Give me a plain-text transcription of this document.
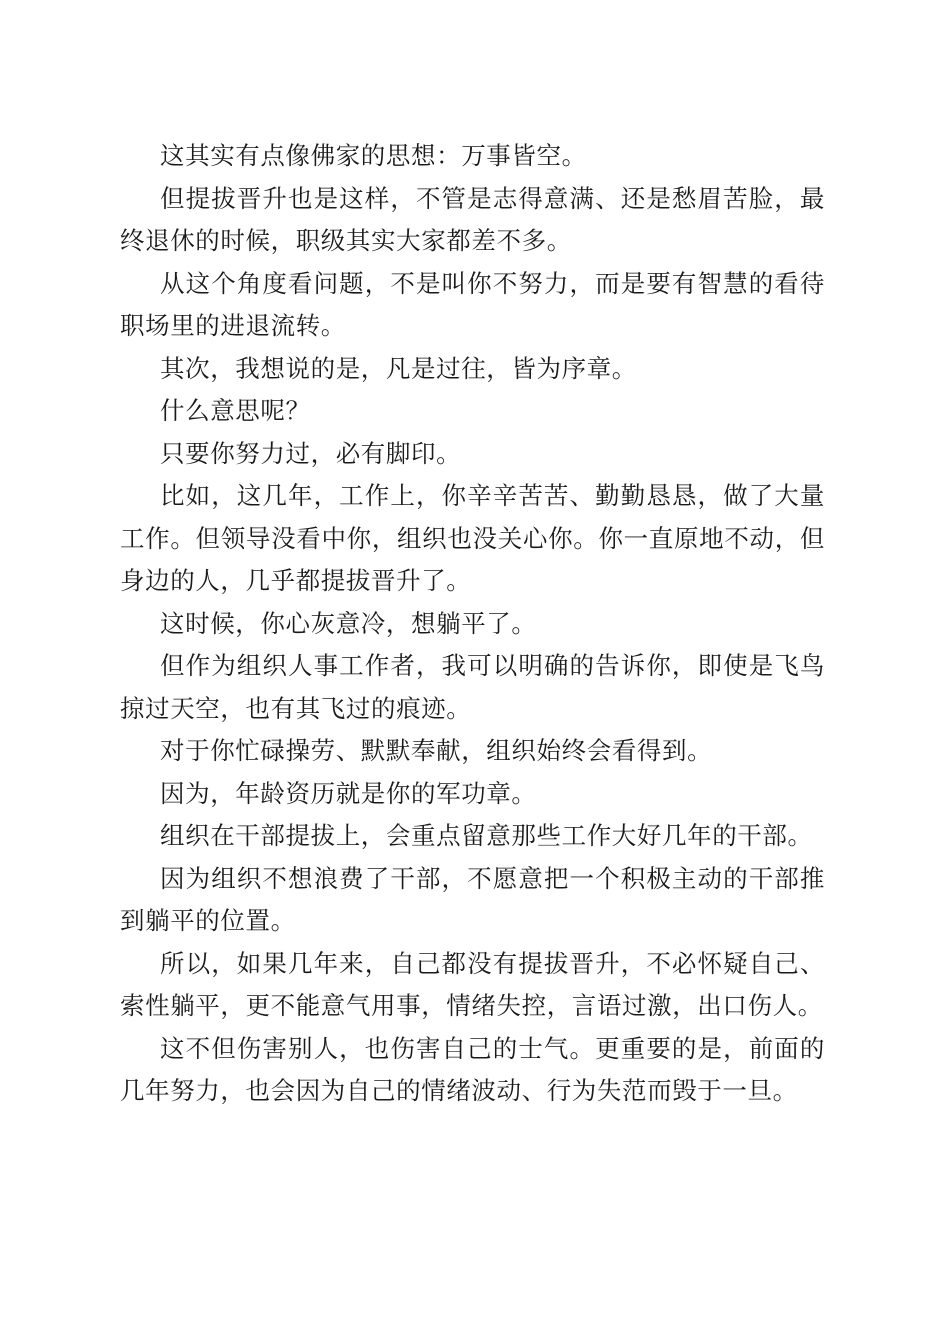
这其实有点像佛家的思想：万事皆空。

但提拔晋升也是这样，不管是志得意满、还是愁眉苦脸，最终退休的时候，职级其实大家都差不多。

从这个角度看问题，不是叫你不努力，而是要有智慧的看待职场里的进退流转。

其次，我想说的是，凡是过往，皆为序章。

什么意思呢？

只要你努力过，必有脚印。

比如，这几年，工作上，你辛辛苦苦、勤勤恳恳，做了大量工作。但领导没看中你，组织也没关心你。你一直原地不动，但身边的人，几乎都提拔晋升了。

这时候，你心灰意冷，想躺平了。

但作为组织人事工作者，我可以明确的告诉你，即使是飞鸟掠过天空，也有其飞过的痕迹。

对于你忙碌操劳、默默奉献，组织始终会看得到。

因为，年龄资历就是你的军功章。

组织在干部提拔上，会重点留意那些工作大好几年的干部。

因为组织不想浪费了干部，不愿意把一个积极主动的干部推到躺平的位置。

所以，如果几年来，自己都没有提拔晋升，不必怀疑自己、索性躺平，更不能意气用事，情绪失控，言语过激，出口伤人。

这不但伤害别人，也伤害自己的士气。更重要的是，前面的几年努力，也会因为自己的情绪波动、行为失范而毁于一旦。
